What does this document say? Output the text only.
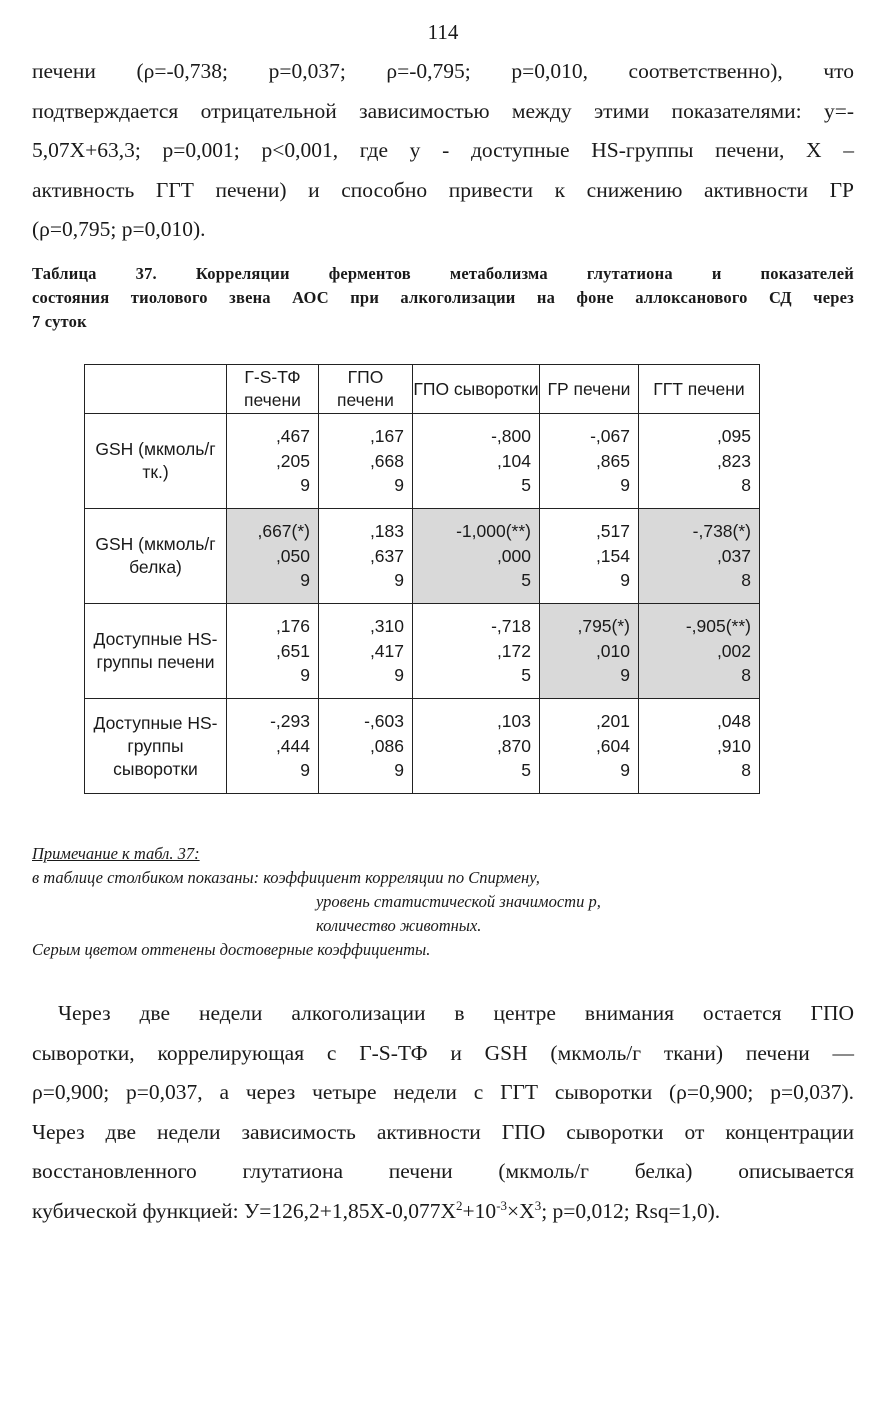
114
печени (ρ=-0,738; p=0,037; ρ=-0,795; p=0,010, соответственно), что
подтверждается отрицательной зависимостью между этими показателями: y=-
5,07X+63,3; p=0,001; p<0,001, где y - доступные HS-группы печени, X –
активность ГГТ печени) и способно привести к снижению активности ГР
(ρ=0,795; p=0,010).
Таблица 37. Корреляции ферментов метаболизма глутатиона и показателей
состояния тиолового звена АОС при алкоголизации на фоне аллоксанового СД через
7 суток
	Г-S-ТФ печени	ГПО печени	ГПО сыворотки	ГР печени	ГГТ печени
GSH (мкмоль/г тк.)	,467
,205
9	,167
,668
9	-,800
,104
5	-,067
,865
9	,095
,823
8

GSH (мкмоль/г белка)	,667(*)
,050
9	,183
,637
9	-1,000(**)
,000
5	,517
,154
9	-,738(*)
,037
8

Доступные HS-группы печени	,176
,651
9	,310
,417
9	-,718
,172
5	,795(*)
,010
9	-,905(**)
,002
8

Доступные HS-группы сыворотки	-,293
,444
9	-,603
,086
9	,103
,870
5	,201
,604
9	,048
,910
8
Примечание к табл. 37:
в таблице столбиком показаны: коэффициент корреляции по Спирмену,
уровень статистической значимости р,
количество животных.
Серым цветом оттенены достоверные коэффициенты.
Через две недели алкоголизации в центре внимания остается ГПО
сыворотки, коррелирующая с Г-S-ТФ и GSH (мкмоль/г ткани) печени —
ρ=0,900; p=0,037, а через четыре недели с ГГТ сыворотки (ρ=0,900; p=0,037).
Через две недели зависимость активности ГПО сыворотки от концентрации
восстановленного глутатиона печени (мкмоль/г белка) описывается
кубической функцией: $У=126,2+1,85X-0,077X^2+10^{-3}\times X^3$; p=0,012; Rsq=1,0).
